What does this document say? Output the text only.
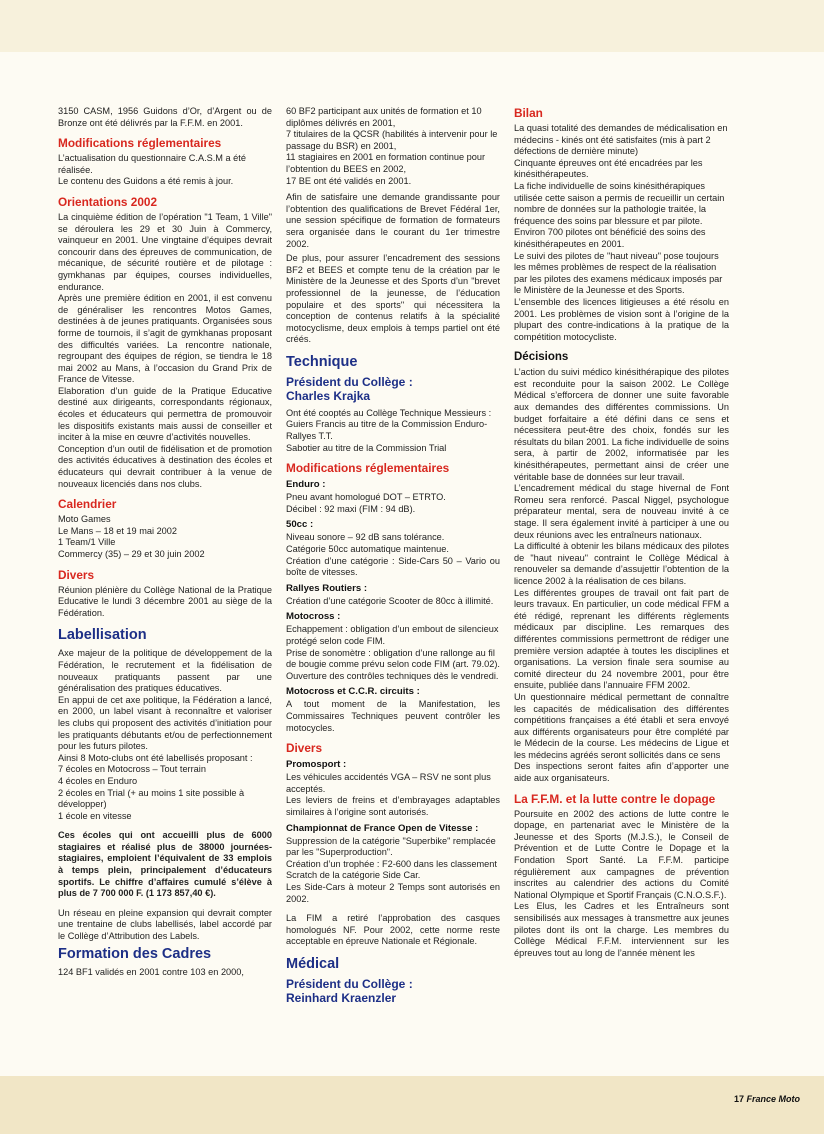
3150 CASM, 1956 Guidons d’Or, d’Argent ou de Bronze ont été délivrés par la F.F.M. en 2001.

Modifications réglementaires

L’actualisation du questionnaire C.A.S.M a été réalisée.

Le contenu des Guidons a été remis à jour.

Orientations 2002

La cinquième édition de l’opération "1 Team, 1 Ville" se déroulera les 29 et 30 Juin à Commercy, vainqueur en 2001. Une vingtaine d’équipes devrait concourir dans des épreuves de communication, de mécanique, de sécurité routière et de pilotage : gymkhanas par équipes, courses individuelles, endurance.

Après une première édition en 2001, il est convenu de généraliser les rencontres Motos Games, destinées à de jeunes pratiquants. Organisées sous forme de tournois, il s’agit de gymkhanas proposant des difficultés variées. La rencontre nationale, regroupant des équipes de région, se tiendra le 18 mai 2002 au Mans, à l’occasion du Grand Prix de France de Vitesse.

Elaboration d’un guide de la Pratique Educative destiné aux dirigeants, correspondants régionaux, écoles et éducateurs qui permettra de promouvoir les dispositifs existants mais aussi de conseiller et inciter à la mise en œuvre d’activités nouvelles.

Conception d’un outil de fidélisation et de promotion des activités éducatives à destination des écoles et éducateurs qui devrait contribuer à la venue de nouveaux licenciés dans nos clubs.

Calendrier

Moto Games

Le Mans – 18 et 19 mai 2002

1 Team/1 Ville

Commercy (35) – 29 et 30 juin 2002

Divers

Réunion plénière du Collège National de la Pratique Educative le lundi 3 décembre 2001 au siège de la Fédération.

Labellisation

Axe majeur de la politique de développement de la Fédération, le recrutement et la fidélisation de nouveaux pratiquants passent par une généralisation des pratiques éducatives.

En appui de cet axe politique, la Fédération a lancé, en 2000, un label visant à reconnaître et valoriser les clubs qui proposent des activités d’initiation pour les pratiquants débutants et/ou de perfectionnement pour les futurs pilotes.

Ainsi 8 Moto-clubs ont été labellisés proposant :

7 écoles en Motocross – Tout terrain

4 écoles en Enduro

2 écoles en Trial (+ au moins 1 site possible à développer)

1 école en vitesse

Ces écoles qui ont accueilli plus de 6000 stagiaires et réalisé plus de 38000 journées-stagiaires, emploient l’équivalent de 33 emplois à temps plein, principalement d’éducateurs sportifs. Le chiffre d’affaires cumulé s’élève à plus de 7 700 000 F. (1 173 857,40 €).

Un réseau en pleine expansion qui devrait compter une trentaine de clubs labellisés, label accordé par le Collège d’Attribution des Labels.

Formation des Cadres

124 BF1 validés en 2001 contre 103 en 2000,

60 BF2 participant aux unités de formation et 10 diplômes délivrés en 2001,

7 titulaires de la QCSR (habilités à intervenir pour le passage du BSR) en 2001,

11 stagiaires en 2001 en formation continue pour l’obtention du BEES en 2002,

17 BE ont été validés en 2001.

Afin de satisfaire une demande grandissante pour l’obtention des qualifications de Brevet Fédéral 1er, une session spécifique de formation de formateurs sera organisée dans le courant du 1er trimestre 2002.

De plus, pour assurer l’encadrement des sessions BF2 et BEES et compte tenu de la création par le Ministère de la Jeunesse et des Sports d’un "brevet professionnel de la jeunesse, de l’éducation populaire et des sports" qui nécessitera la conception de contenus relatifs à la spécialité motocyclisme, deux emplois à temps partiel ont été créés.

Technique
Président du Collège :
Charles Krajka

Ont été cooptés au Collège Technique Messieurs : Guiers Francis au titre de la Commission Enduro-Rallyes T.T.

Sabotier au titre de la Commission Trial

Modifications réglementaires
Enduro :

Pneu avant homologué DOT – ETRTO.

Décibel : 92 maxi (FIM : 94 dB).

50cc :

Niveau sonore – 92 dB sans tolérance.

Catégorie 50cc automatique maintenue.

Création d’une catégorie : Side-Cars 50 – Vario ou boîte de vitesses.

Rallyes Routiers :

Création d’une catégorie Scooter de 80cc à illimité.

Motocross :

Echappement : obligation d’un embout de silencieux protégé selon code FIM.

Prise de sonomètre : obligation d’une rallonge au fil de bougie comme prévu selon code FIM (art. 79.02).

Ouverture des contrôles techniques dès le vendredi.

Motocross et C.C.R. circuits :

A tout moment de la Manifestation, les Commissaires Techniques peuvent contrôler les motocycles.

Divers
Promosport :

Les véhicules accidentés VGA – RSV ne sont plus acceptés.

Les leviers de freins et d’embrayages adaptables similaires à l’origine sont autorisés.

Championnat de France Open de Vitesse :

Suppression de la catégorie "Superbike" remplacée par les "Superproduction".

Création d’un trophée : F2-600 dans les classement Scratch de la catégorie Side Car.

Les Side-Cars à moteur 2 Temps sont autorisés en 2002.

La FIM a retiré l’approbation des casques homologués NF. Pour 2002, cette norme reste acceptable en épreuve Nationale et Régionale.

Médical
Président du Collège :
Reinhard Kraenzler
Bilan

La quasi totalité des demandes de médicalisation en médecins - kinés ont été satisfaites (mis à part 2 défections de dernière minute)

Cinquante épreuves ont été encadrées par les kinésithérapeutes.

La fiche individuelle de soins kinésithérapiques utilisée cette saison a permis de recueillir un certain nombre de données sur la pathologie traitée, la fréquence des soins par blessure et par pilote.

Environ 700 pilotes ont bénéficié des soins des kinésithérapeutes en 2001.

Le suivi des pilotes de "haut niveau" pose toujours les mêmes problèmes de respect de la réalisation par les pilotes des examens médicaux imposés par le Ministère de la Jeunesse et des Sports.

L’ensemble des licences litigieuses a été résolu en 2001. Les problèmes de vision sont à l’origine de la plupart des contre-indications à la pratique de la compétition motocycliste.

Décisions

L’action du suivi médico kinésithérapique des pilotes est reconduite pour la saison 2002. Le Collège Médical s’efforcera de donner une suite favorable aux demandes des différentes commissions. Un budget forfaitaire a été défini dans ce sens et nécessitera peut-être des choix, fondés sur les résultats du bilan 2001. La fiche individuelle de soins sera, à partir de 2002, informatisée par les kinésithérapeutes, permettant ainsi de créer une véritable base de données sur leur travail.

L’encadrement médical du stage hivernal de Font Romeu sera renforcé. Pascal Niggel, psychologue préparateur mental, sera de nouveau invité à ce stage. Il sera également invité à participer à une ou deux réunions avec les entraîneurs nationaux.

La difficulté à obtenir les bilans médicaux des pilotes de "haut niveau" contraint le Collège Médical à renouveler sa demande d’assujettir l’obtention de la licence 2002 à la réalisation de ces bilans.

Les différentes groupes de travail ont fait part de leurs travaux. En particulier, un code médical FFM a été rédigé, reprenant les différents règlements médicaux par discipline. Les remarques des différentes commissions permettront de rédiger une première version adaptée à toutes les disciplines et organisations. La version finale sera soumise au comité directeur du 24 novembre 2001, pour être ensuite, publiée dans l’annuaire FFM 2002.

Un questionnaire médical permettant de connaître les capacités de médicalisation des différentes compétitions françaises a été établi et sera envoyé aux différents organisateurs pour être complété par le Médecin de la course. Les médecins de Ligue et les médecins agréés seront sollicités dans ce sens

Des inspections seront faites afin d’apporter une aide aux organisateurs.

La F.F.M. et la lutte contre le dopage

Poursuite en 2002 des actions de lutte contre le dopage, en partenariat avec le Ministère de la Jeunesse et des Sports (M.J.S.), le Conseil de Prévention et de Lutte Contre le Dopage et la Fondation Sport Santé. La F.F.M. participe régulièrement aux campagnes de prévention inscrites au calendrier des actions du Comité National Olympique et Sportif Français (C.N.O.S.F.).

Les Elus, les Cadres et les Entraîneurs sont sensibilisés aux messages à transmettre aux jeunes pilotes dont ils ont la charge. Les membres du Collège Médical F.F.M. interviennent sur les épreuves tout au long de l’année mènent les

17 France Moto
